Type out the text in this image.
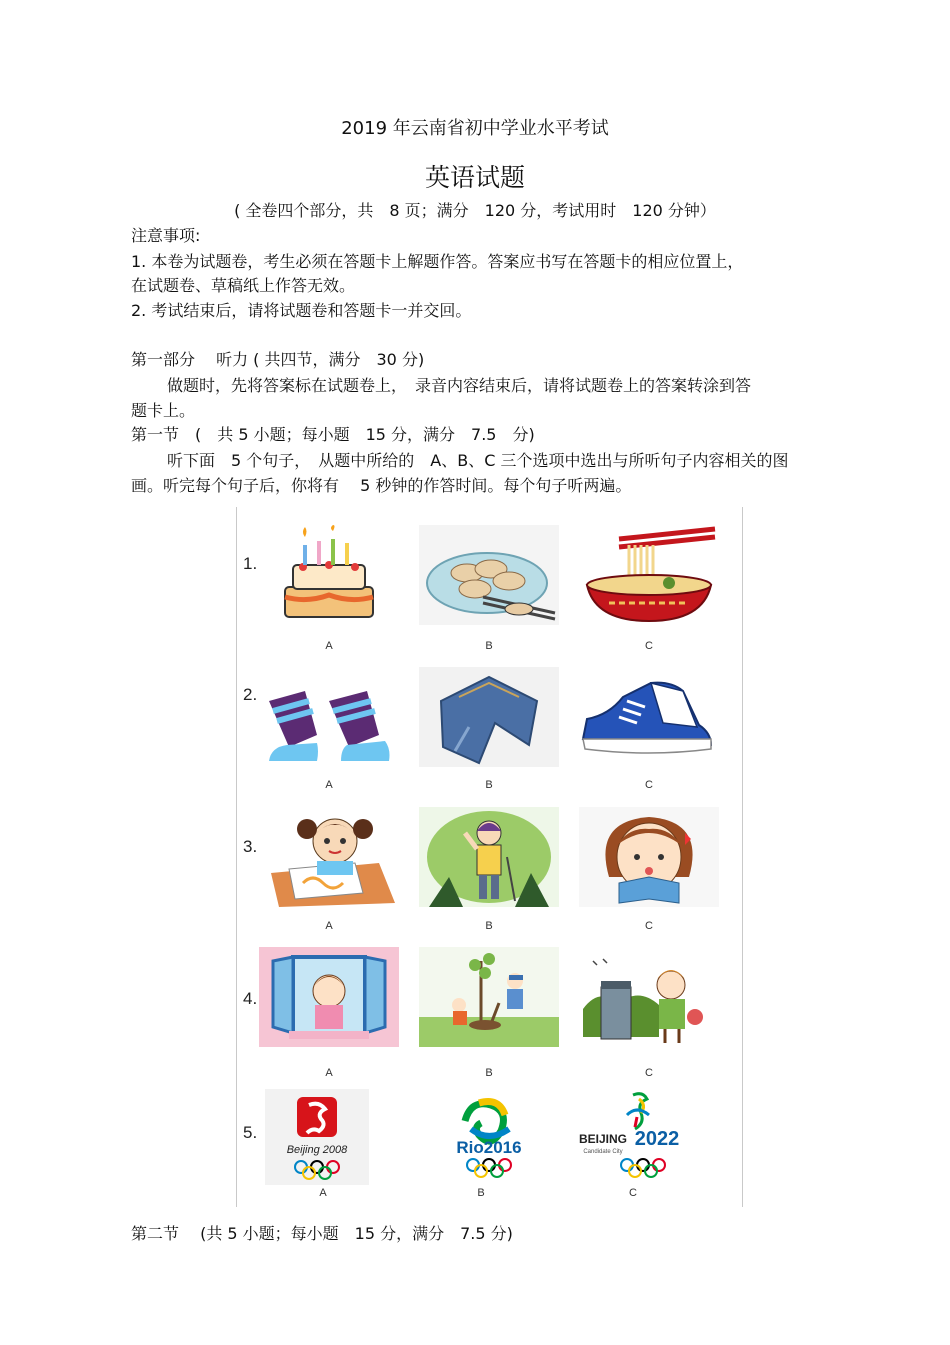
2019 年云南省初中学业水平考试
英语试题
( 全卷四个部分，共　8 页；满分　120 分，考试用时　120 分钟）
注意事项:
1. 本卷为试题卷，考生必须在答题卡上解题作答。答案应书写在答题卡的相应位置上，
在试题卷、草稿纸上作答无效。
2. 考试结束后，请将试题卷和答题卡一并交回。
第一部分　 听力 ( 共四节，满分　30 分)
做题时，先将答案标在试题卷上，　录音内容结束后，请将试题卷上的答案转涂到答
题卡上。
第一节　(　共 5 小题；每小题　15 分，满分　7.5　分)
听下面　5 个句子，　从题中所给的　A、B、C 三个选项中选出与所听句子内容相关的图
画。听完每个句子后，你将有　 5 秒钟的作答时间。每个句子听两遍。
1.
A	B	C
2.
A	B	C
3.
A	B	C
4.
A	B	C
5.
Beijing 2008	Rio2016	BEIJING 2022
Candidate City
A	B	C
第二节　 (共 5 小题；每小题　15 分，满分　7.5 分)
